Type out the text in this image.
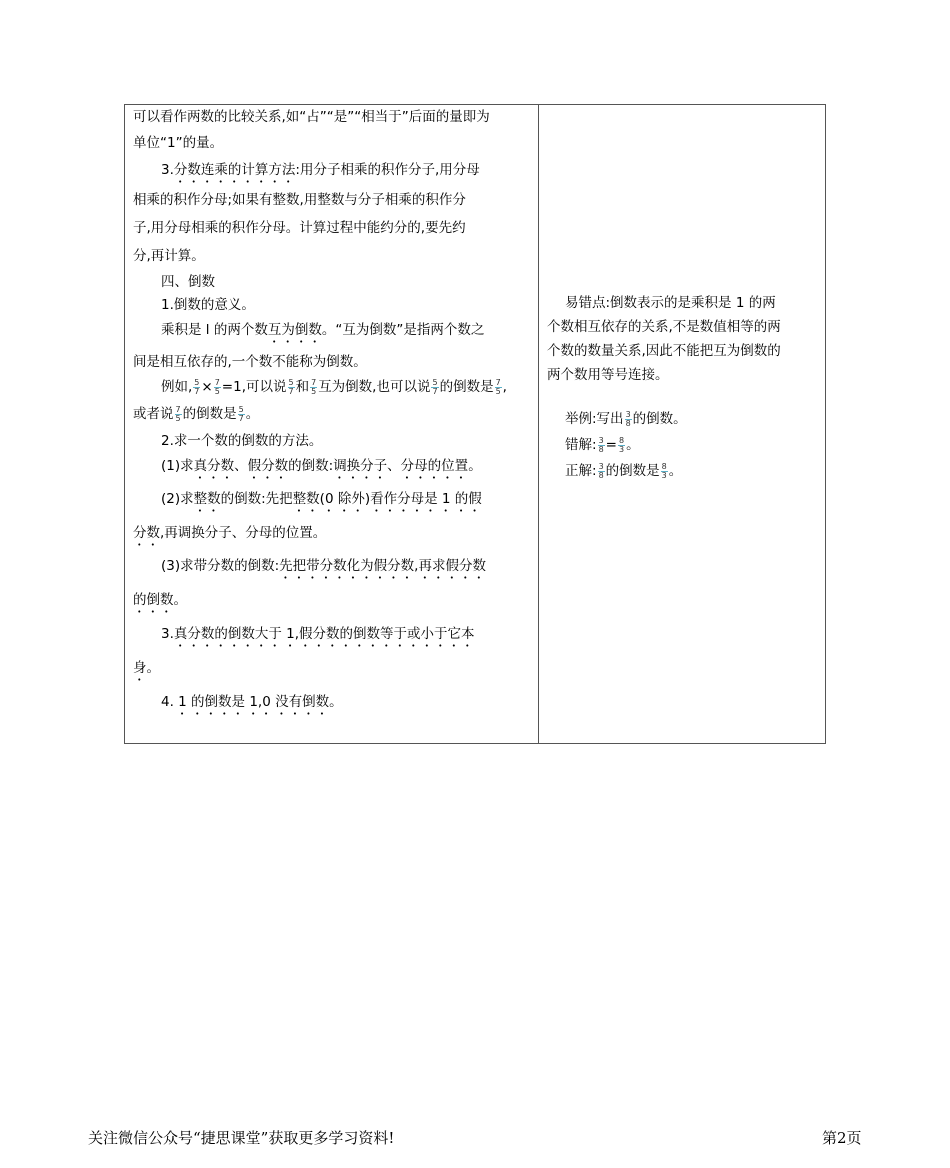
可以看作两数的比较关系,如“占”“是”“相当于”后面的量即为
单位“1”的量。
3.分数连乘的计算方法:用分子相乘的积作分子,用分母
相乘的积作分母;如果有整数,用整数与分子相乘的积作分
子,用分母相乘的积作分母。计算过程中能约分的,要先约
分,再计算。
四、倒数
1.倒数的意义。
乘积是 l 的两个数互为倒数。“互为倒数”是指两个数之
间是相互依存的,一个数不能称为倒数。
例如, $\frac{5}{7} \times \frac{7}{5} =1$,可以说 $\frac{5}{7}$ 和 $\frac{7}{5}$ 互为倒数,也可以说 $\frac{5}{7}$ 的倒数是 $\frac{7}{5}$ ,
或者说 $\frac{7}{5}$ 的倒数是 $\frac{5}{7}$ 。
2.求一个数的倒数的方法。
(1)求真分数、假分数的倒数:调换分子、分母的位置。
(2)求整数的倒数:先把整数(0 除外)看作分母是 1 的假
分数,再调换分子、分母的位置。
(3)求带分数的倒数:先把带分数化为假分数,再求假分数
的倒数。
3.真分数的倒数大于 1,假分数的倒数等于或小于它本
身。
4. 1 的倒数是 1,0 没有倒数。
易错点:倒数表示的是乘积是 1 的两
个数相互依存的关系,不是数值相等的两
个数的数量关系,因此不能把互为倒数的
两个数用等号连接。
举例:写出 $\frac{3}{8}$ 的倒数。
错解: $\frac{3}{8} = \frac{8}{3}$ 。
正解: $\frac{3}{8}$ 的倒数是 $\frac{8}{3}$ 。
关注微信公众号“捷思课堂”获取更多学习资料!	第2页
